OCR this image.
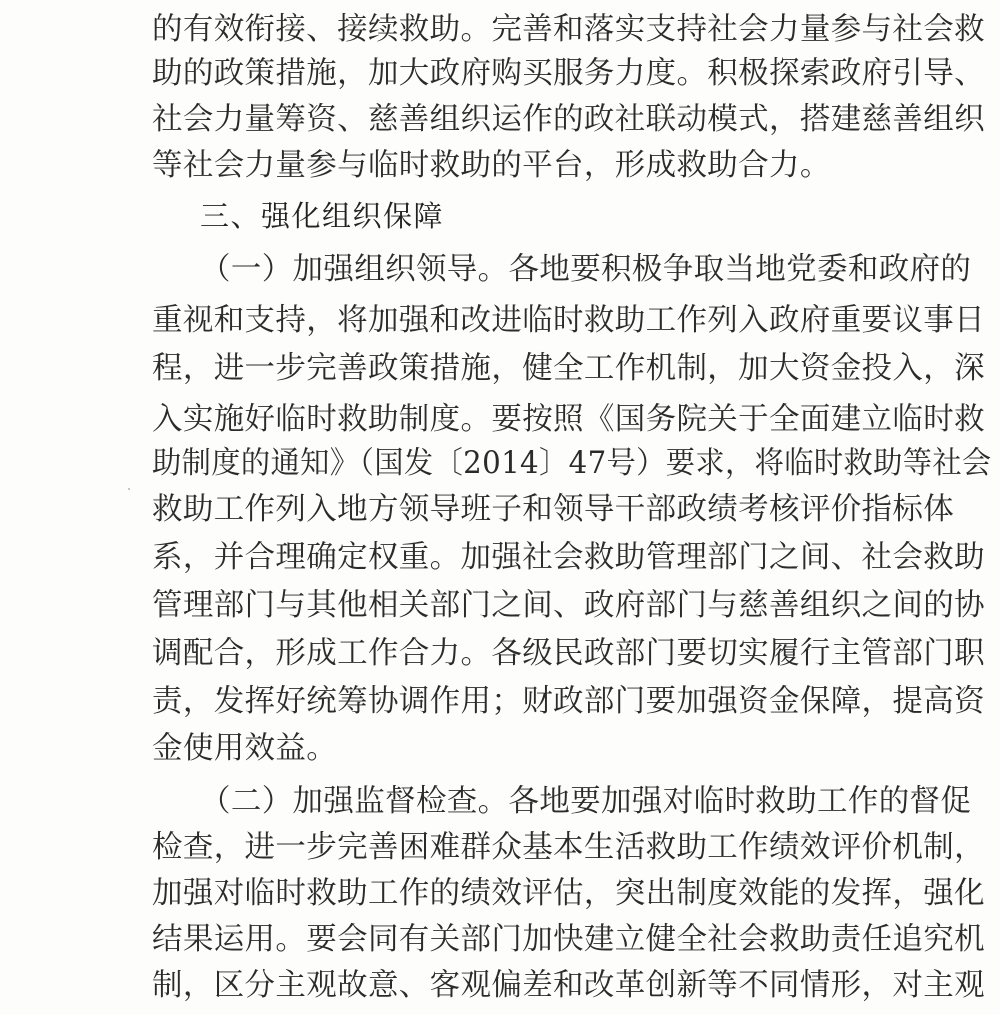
的有效衔接、接续救助。完善和落实支持社会力量参与社会救
助的政策措施，加大政府购买服务力度。积极探索政府引导、
社会力量筹资、慈善组织运作的政社联动模式，搭建慈善组织
等社会力量参与临时救助的平台，形成救助合力。
三、强化组织保障
（一）加强组织领导。各地要积极争取当地党委和政府的
重视和支持，将加强和改进临时救助工作列入政府重要议事日
程，进一步完善政策措施，健全工作机制，加大资金投入，深
入实施好临时救助制度。要按照《国务院关于全面建立临时救
助制度的通知》（国发〔2014〕47号）要求，将临时救助等社会
救助工作列入地方领导班子和领导干部政绩考核评价指标体
系，并合理确定权重。加强社会救助管理部门之间、社会救助
管理部门与其他相关部门之间、政府部门与慈善组织之间的协
调配合，形成工作合力。各级民政部门要切实履行主管部门职
责，发挥好统筹协调作用；财政部门要加强资金保障，提高资
金使用效益。
（二）加强监督检查。各地要加强对临时救助工作的督促
检查，进一步完善困难群众基本生活救助工作绩效评价机制，
加强对临时救助工作的绩效评估，突出制度效能的发挥，强化
结果运用。要会同有关部门加快建立健全社会救助责任追究机
制，区分主观故意、客观偏差和改革创新等不同情形，对主观
